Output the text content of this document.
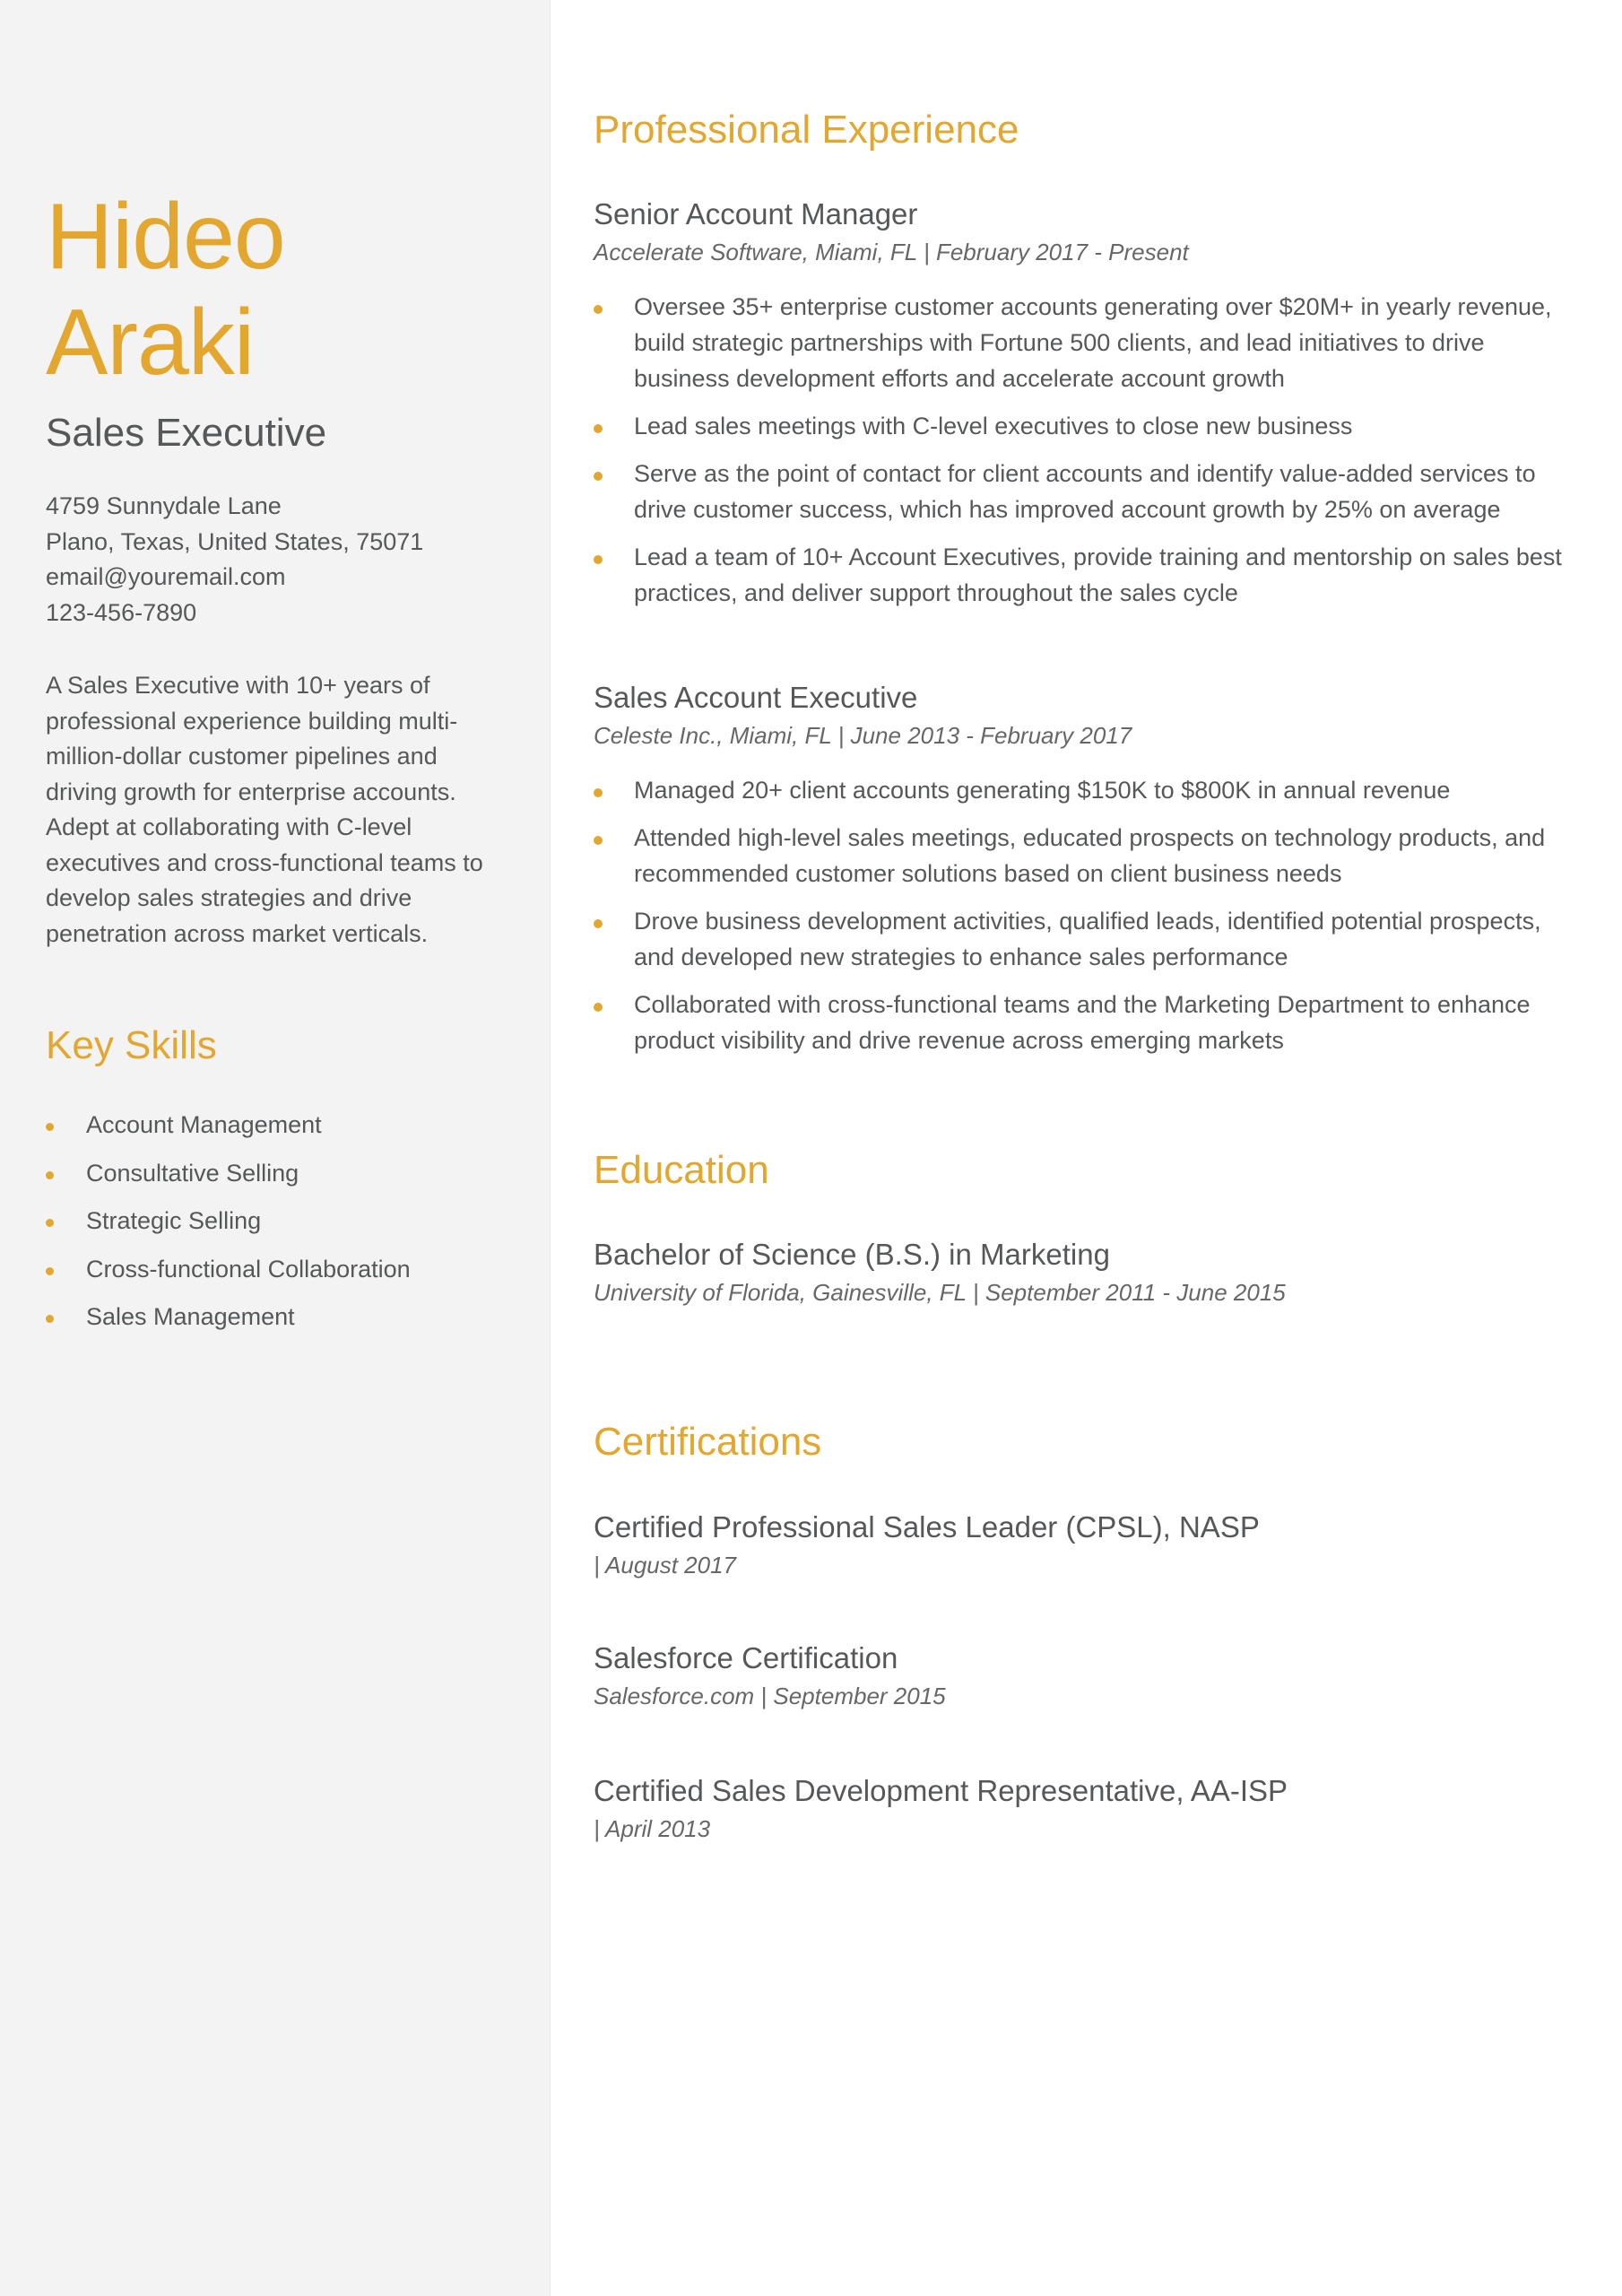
Hideo
Araki
Sales Executive
4759 Sunnydale Lane
Plano, Texas, United States, 75071
email@youremail.com
123-456-7890

A Sales Executive with 10+ years of professional experience building multi-million-dollar customer pipelines and driving growth for enterprise accounts. Adept at collaborating with C-level executives and cross-functional teams to develop sales strategies and drive penetration across market verticals.

Key Skills
Account Management
Consultative Selling
Strategic Selling
Cross-functional Collaboration
Sales Management
Professional Experience
Senior Account Manager

Accelerate Software, Miami, FL | February 2017 - Present

Oversee 35+ enterprise customer accounts generating over $20M+ in yearly revenue, build strategic partnerships with Fortune 500 clients, and lead initiatives to drive business development efforts and accelerate account growth
Lead sales meetings with C-level executives to close new business
Serve as the point of contact for client accounts and identify value-added services to drive customer success, which has improved account growth by 25% on average
Lead a team of 10+ Account Executives, provide training and mentorship on sales best practices, and deliver support throughout the sales cycle
Sales Account Executive

Celeste Inc., Miami, FL | June 2013 - February 2017

Managed 20+ client accounts generating $150K to $800K in annual revenue
Attended high-level sales meetings, educated prospects on technology products, and recommended customer solutions based on client business needs
Drove business development activities, qualified leads, identified potential prospects, and developed new strategies to enhance sales performance
Collaborated with cross-functional teams and the Marketing Department to enhance product visibility and drive revenue across emerging markets
Education
Bachelor of Science (B.S.) in Marketing

University of Florida, Gainesville, FL | September 2011 - June 2015

Certifications
Certified Professional Sales Leader (CPSL), NASP

| August 2017

Salesforce Certification

Salesforce.com | September 2015

Certified Sales Development Representative, AA-ISP

| April 2013
